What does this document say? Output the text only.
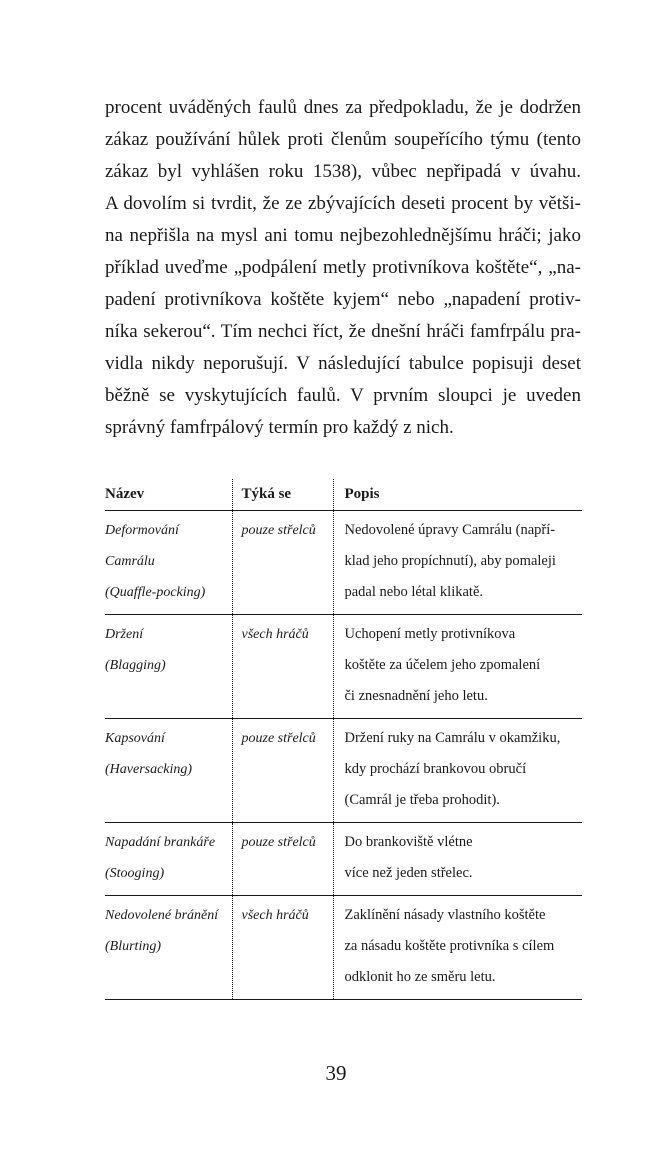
procent uváděných faulů dnes za předpokladu, že je dodržen
zákaz používání hůlek proti členům soupeřícího týmu (tento
zákaz byl vyhlášen roku 1538), vůbec nepřipadá v úvahu.
A dovolím si tvrdit, že ze zbývajících deseti procent by větši-
na nepřišla na mysl ani tomu nejbezohlednějšímu hráči; jako
příklad uveďme „podpálení metly protivníkova koštěte“, „na-
padení protivníkova koštěte kyjem“ nebo „napadení protiv-
níka sekerou“. Tím nechci říct, že dnešní hráči famfrpálu pra-
vidla nikdy neporušují. V následující tabulce popisuji deset
běžně se vyskytujících faulů. V prvním sloupci je uveden
správný famfrpálový termín pro každý z nich.

Název	Týká se	Popis

Deformování
Camrálu
(Quaffle-pocking)	pouze střelců	Nedovolené úpravy Camrálu (napří-
klad jeho propíchnutí), aby pomaleji
padal nebo létal klikatě.

Držení
(Blagging)	všech hráčů	Uchopení metly protivníkova
koštěte za účelem jeho zpomalení
či znesnadnění jeho letu.

Kapsování
(Haversacking)	pouze střelců	Držení ruky na Camrálu v okamžiku,
kdy prochází brankovou obručí
(Camrál je třeba prohodit).

Napadání brankáře
(Stooging)	pouze střelců	Do brankoviště vlétne
více než jeden střelec.

Nedovolené bránění
(Blurting)	všech hráčů	Zaklínění násady vlastního koštěte
za násadu koštěte protivníka s cílem
odklonit ho ze směru letu.
39
